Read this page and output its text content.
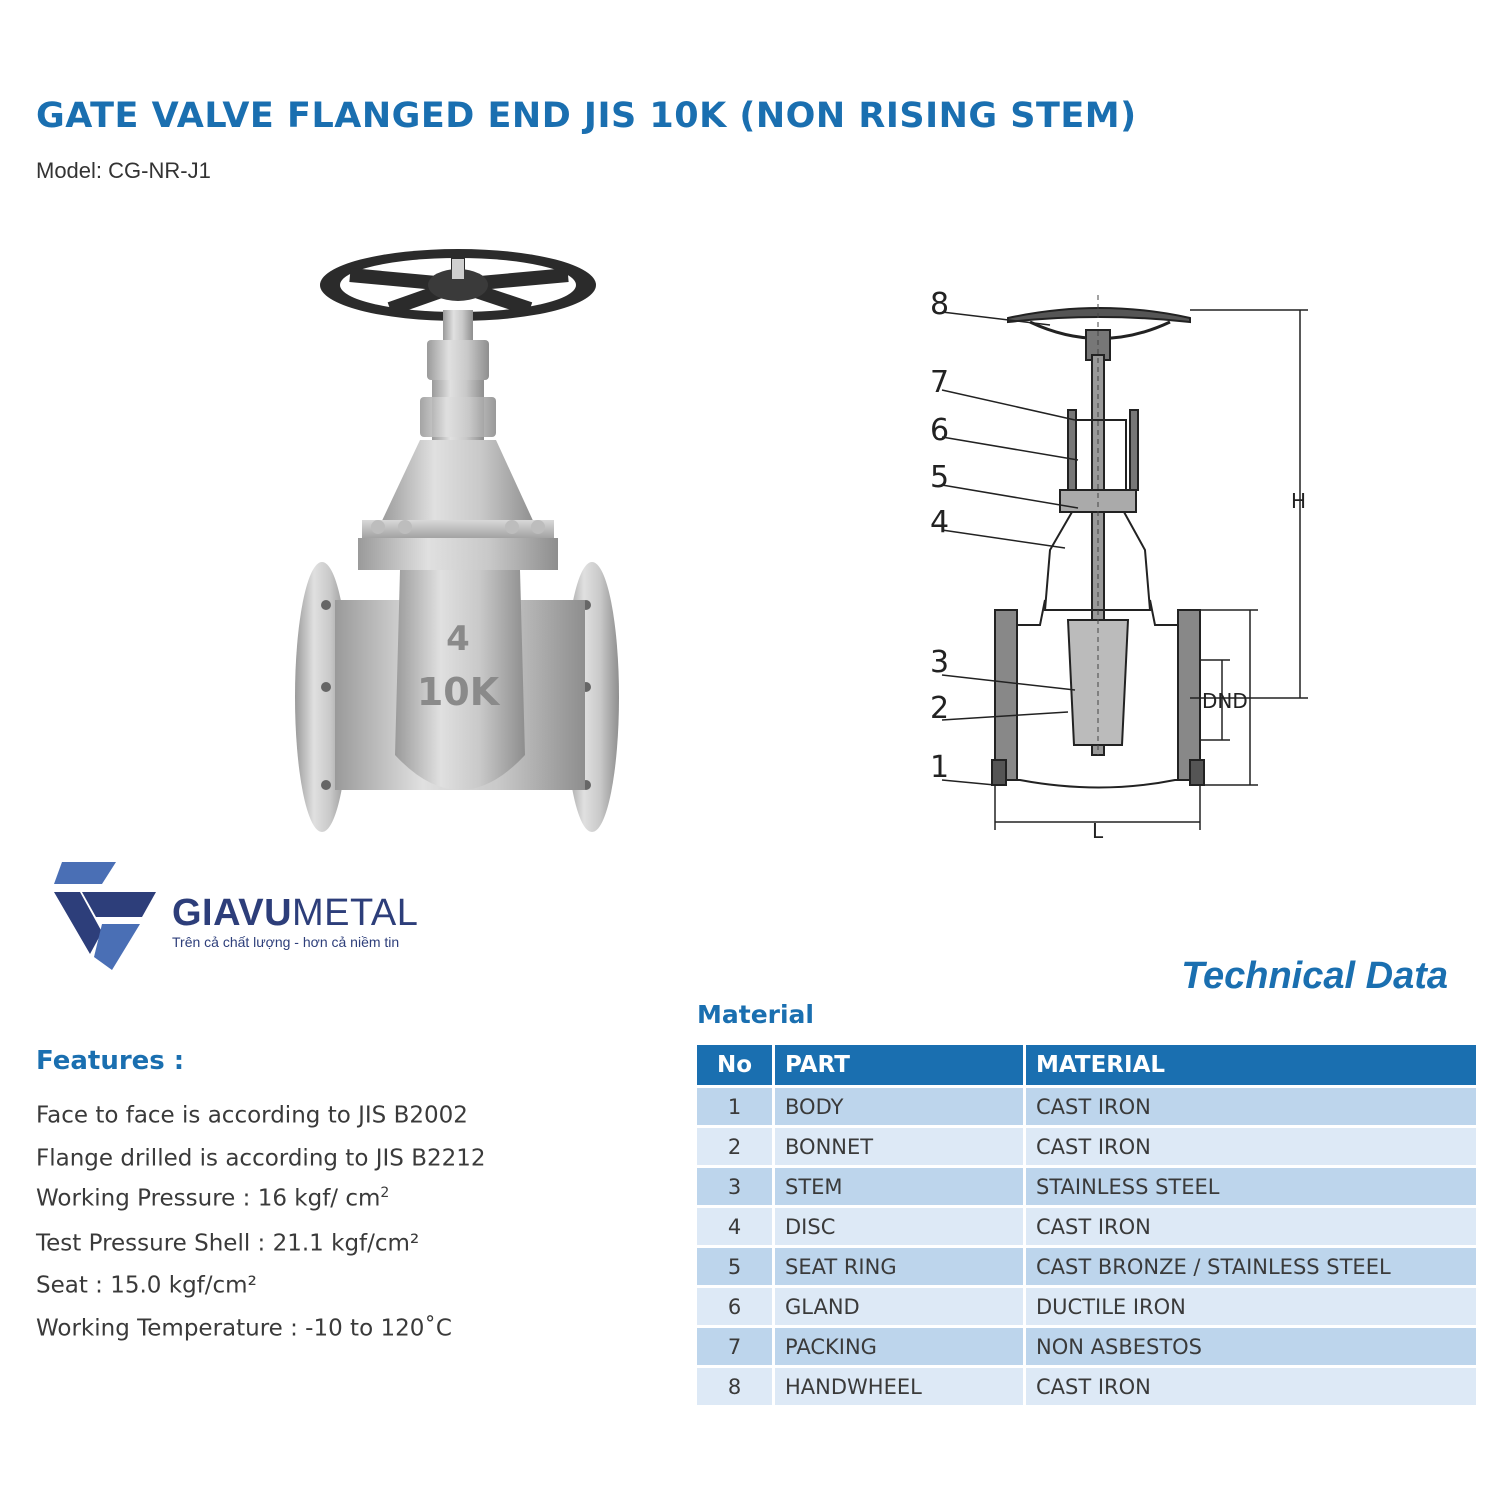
GATE VALVE FLANGED END JIS 10K (NON RISING STEM)
Model: CG-NR-J1
4
10K
8
7
6
5
4
3
2
1
H
DND
L
GIAVUMETAL
Trên cả chất lượng - hơn cả niềm tin
Features :
Face to face is according to JIS B2002
Flange drilled is according to JIS B2212
Working Pressure : 16 kgf/ $cm^2$
Test Pressure Shell : 21.1 kgf/cm²
Seat : 15.0 kgf/cm²
Working Temperature : -10 to 120˚C
Technical Data
Material
No	PART	MATERIAL
1	BODY	CAST IRON
2	BONNET	CAST IRON
3	STEM	STAINLESS STEEL
4	DISC	CAST IRON
5	SEAT RING	CAST BRONZE / STAINLESS STEEL
6	GLAND	DUCTILE IRON
7	PACKING	NON ASBESTOS
8	HANDWHEEL	CAST IRON
